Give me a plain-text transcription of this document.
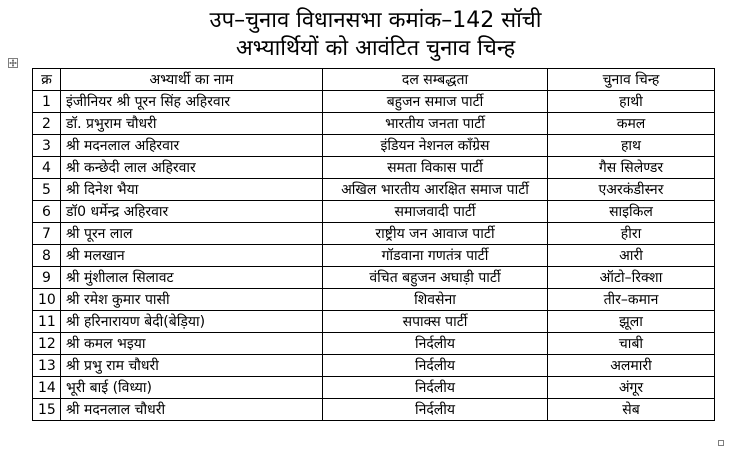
उप–चुनाव विधानसभा कमांक–142 सॉची
अभ्यार्थियों को आवंटित चुनाव चिन्ह
क्र	अभ्यार्थी का नाम	दल सम्बद्धता	चुनाव चिन्ह
1	इंजीनियर श्री पूरन सिंह अहिरवार	बहुजन समाज पार्टी	हाथी
2	डॉ. प्रभुराम चौधरी	भारतीय जनता पार्टी	कमल
3	श्री मदनलाल अहिरवार	इंडियन नेशनल कॉंग्रेस	हाथ
4	श्री कन्छेदी लाल अहिरवार	समता विकास पार्टी	गैस सिलेण्डर
5	श्री दिनेश भैया	अखिल भारतीय आरक्षित समाज पार्टी	एअरकंडीस्नर
6	डॉ0 धर्मेन्द्र अहिरवार	समाजवादी पार्टी	साइकिल
7	श्री पूरन लाल	राष्ट्रीय जन आवाज पार्टी	हीरा
8	श्री मलखान	गॉडवाना गणतंत्र पार्टी	आरी
9	श्री मुंशीलाल सिलावट	वंचित बहुजन अघाड़ी पार्टी	ऑटो–रिक्शा
10	श्री रमेश कुमार पासी	शिवसेना	तीर–कमान
11	श्री हरिनारायण बेदी(बेड़िया)	सपाक्स पार्टी	झूला
12	श्री कमल भइया	निर्दलीय	चाबी
13	श्री प्रभु राम चौधरी	निर्दलीय	अलमारी
14	भूरी बाई (विध्या)	निर्दलीय	अंगूर
15	श्री मदनलाल चौधरी	निर्दलीय	सेब
